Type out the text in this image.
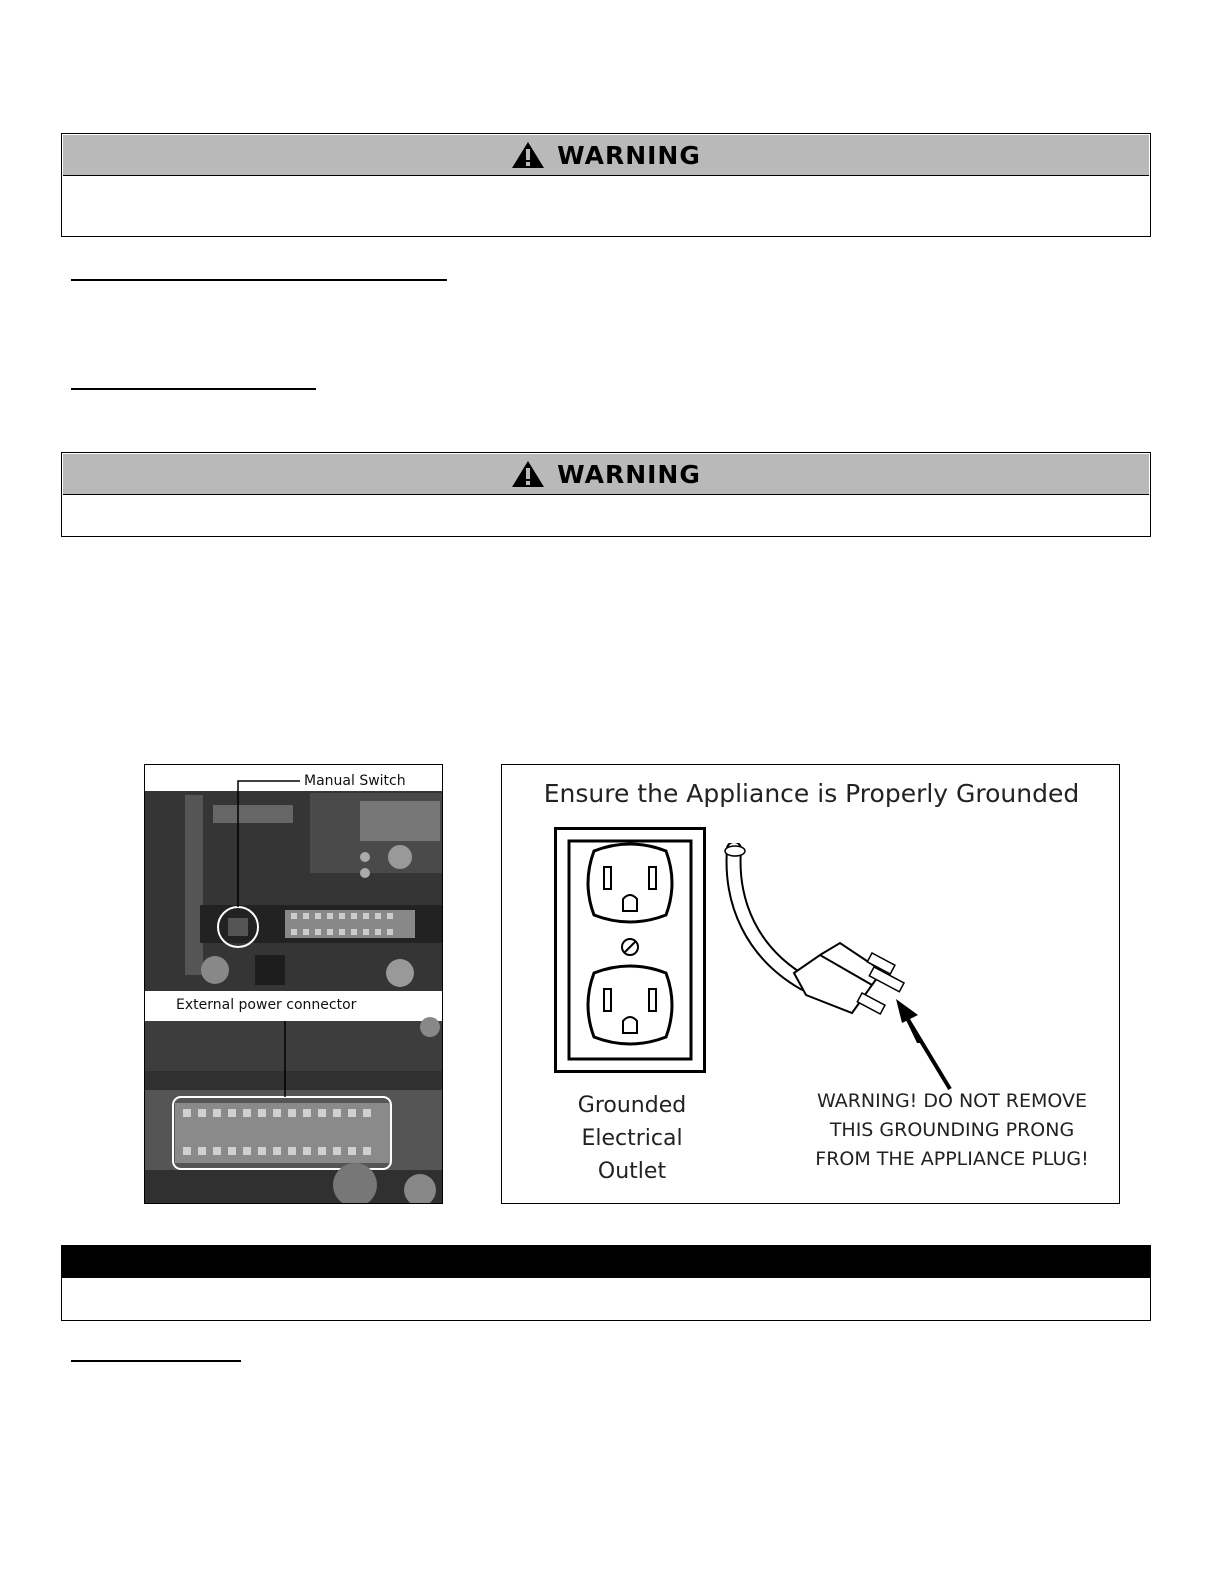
WARNING
WARNING
Manual Switch
External power connector
Ensure the Appliance is Properly Grounded
Grounded
Electrical
Outlet
WARNING! DO NOT REMOVE
THIS GROUNDING PRONG
FROM THE APPLIANCE PLUG!
